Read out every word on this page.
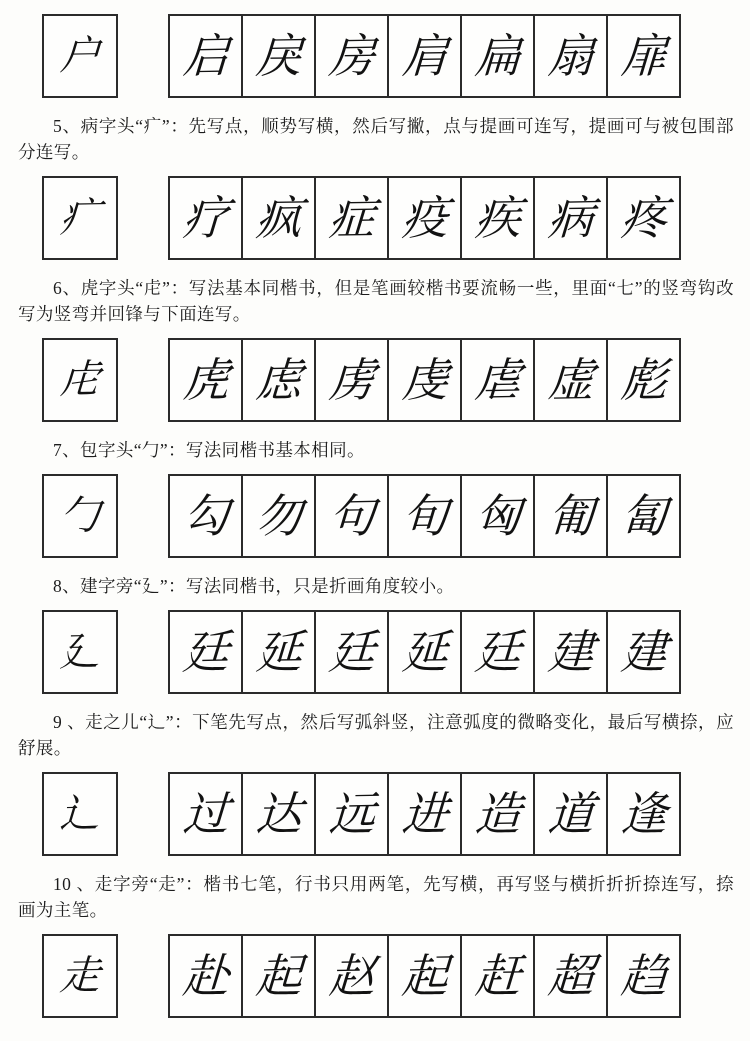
户 启 戾 房 肩 扁 扇 扉

5、病字头“疒”：先写点，顺势写横，然后写撇，点与提画可连写，提画可与被包围部分连写。

疒 疗 疯 症 疫 疾 病 疼

6、虎字头“虍”：写法基本同楷书，但是笔画较楷书要流畅一些，里面“七”的竖弯钩改写为竖弯并回锋与下面连写。

虍 虎 虑 虏 虔 虐 虚 彪

7、包字头“勹”：写法同楷书基本相同。

勹 勾 勿 句 旬 匈 匍 匐

8、建字旁“廴”：写法同楷书，只是折画角度较小。

廴 廷 延 廷 延 廷 建 建

9 、走之儿“辶”：下笔先写点，然后写弧斜竖，注意弧度的微略变化，最后写横捺，应舒展。

辶 过 达 远 进 造 道 逢

10 、走字旁“走”：楷书七笔，行书只用两笔，先写横，再写竖与横折折折捺连写，捺画为主笔。

走 赴 起 赵 起 赶 超 趋
